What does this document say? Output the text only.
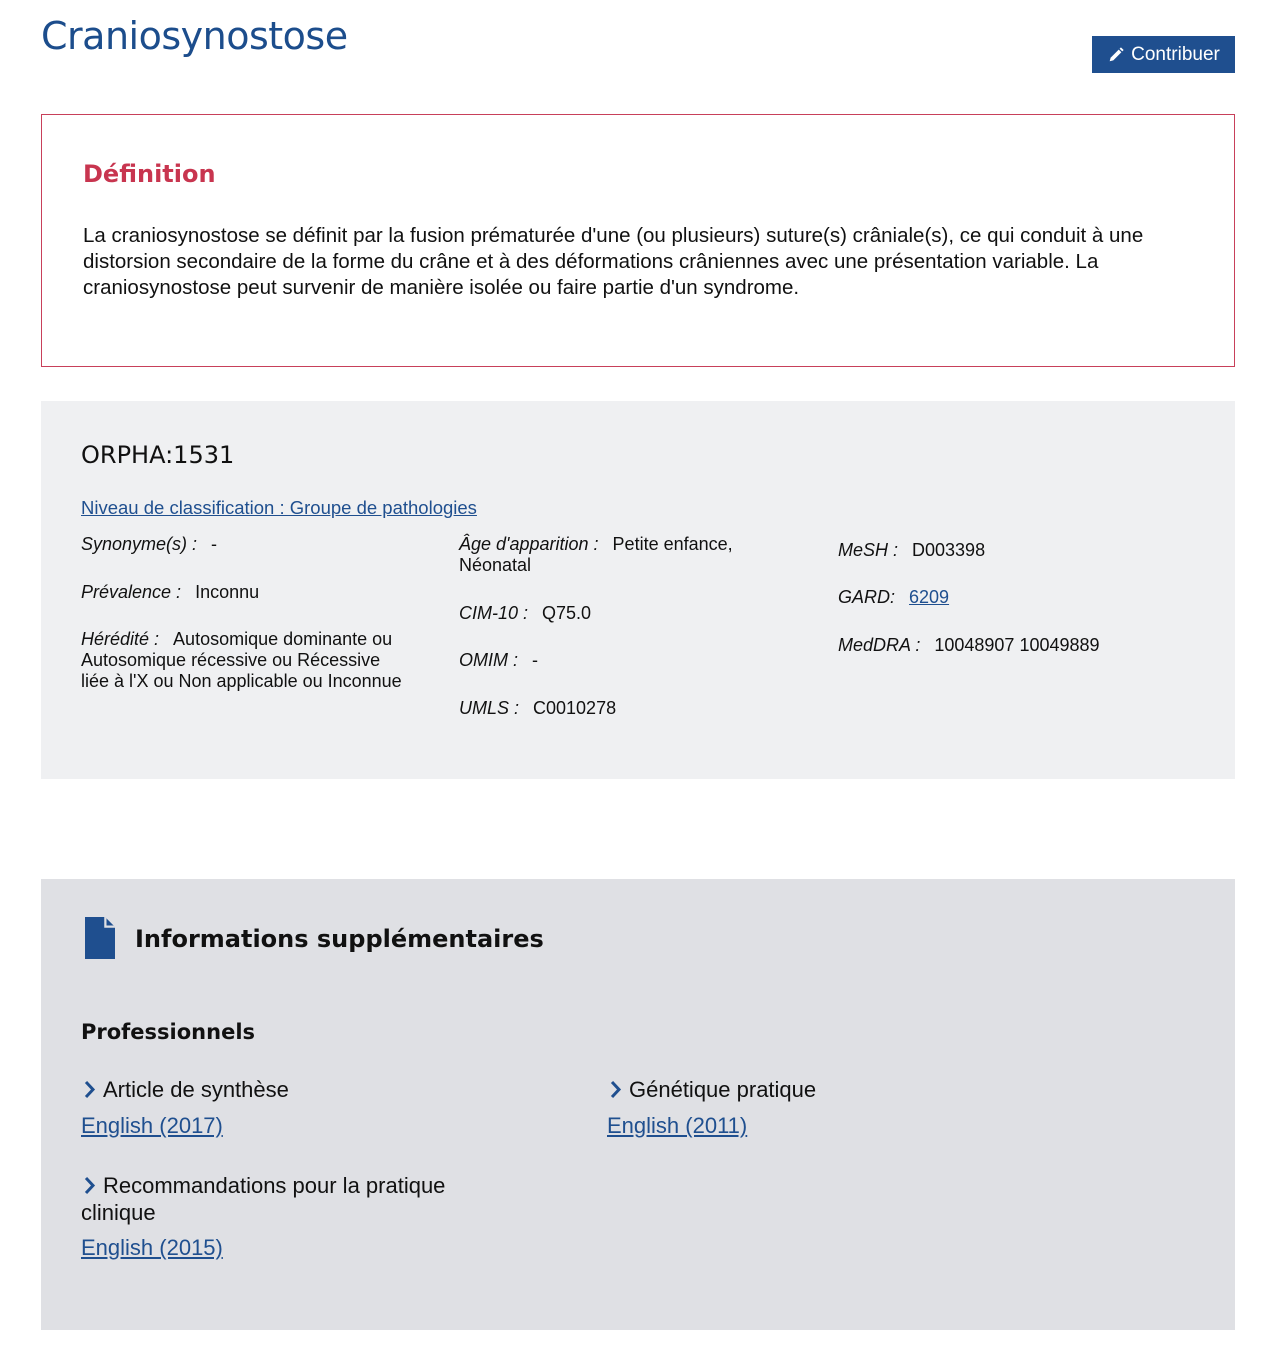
Craniosynostose	Contribuer
Définition

La craniosynostose se définit par la fusion prématurée d'une (ou plusieurs) suture(s) crâniale(s), ce qui conduit à une distorsion secondaire de la forme du crâne et à des déformations crâniennes avec une présentation variable. La craniosynostose peut survenir de manière isolée ou faire partie d'un syndrome.

ORPHA:1531
Niveau de classification : Groupe de pathologies
Synonyme(s) : -
Prévalence : Inconnu
Hérédité : Autosomique dominante ou Autosomique récessive ou Récessive liée à l'X ou Non applicable ou Inconnue
Âge d'apparition : Petite enfance, Néonatal
CIM-10 : Q75.0
OMIM : -
UMLS : C0010278
MeSH : D003398
GARD: 6209
MedDRA : 10048907 10049889
Informations supplémentaires
Professionnels
Article de synthèse
English (2017)
Génétique pratique
English (2011)
Recommandations pour la pratique clinique
English (2015)
